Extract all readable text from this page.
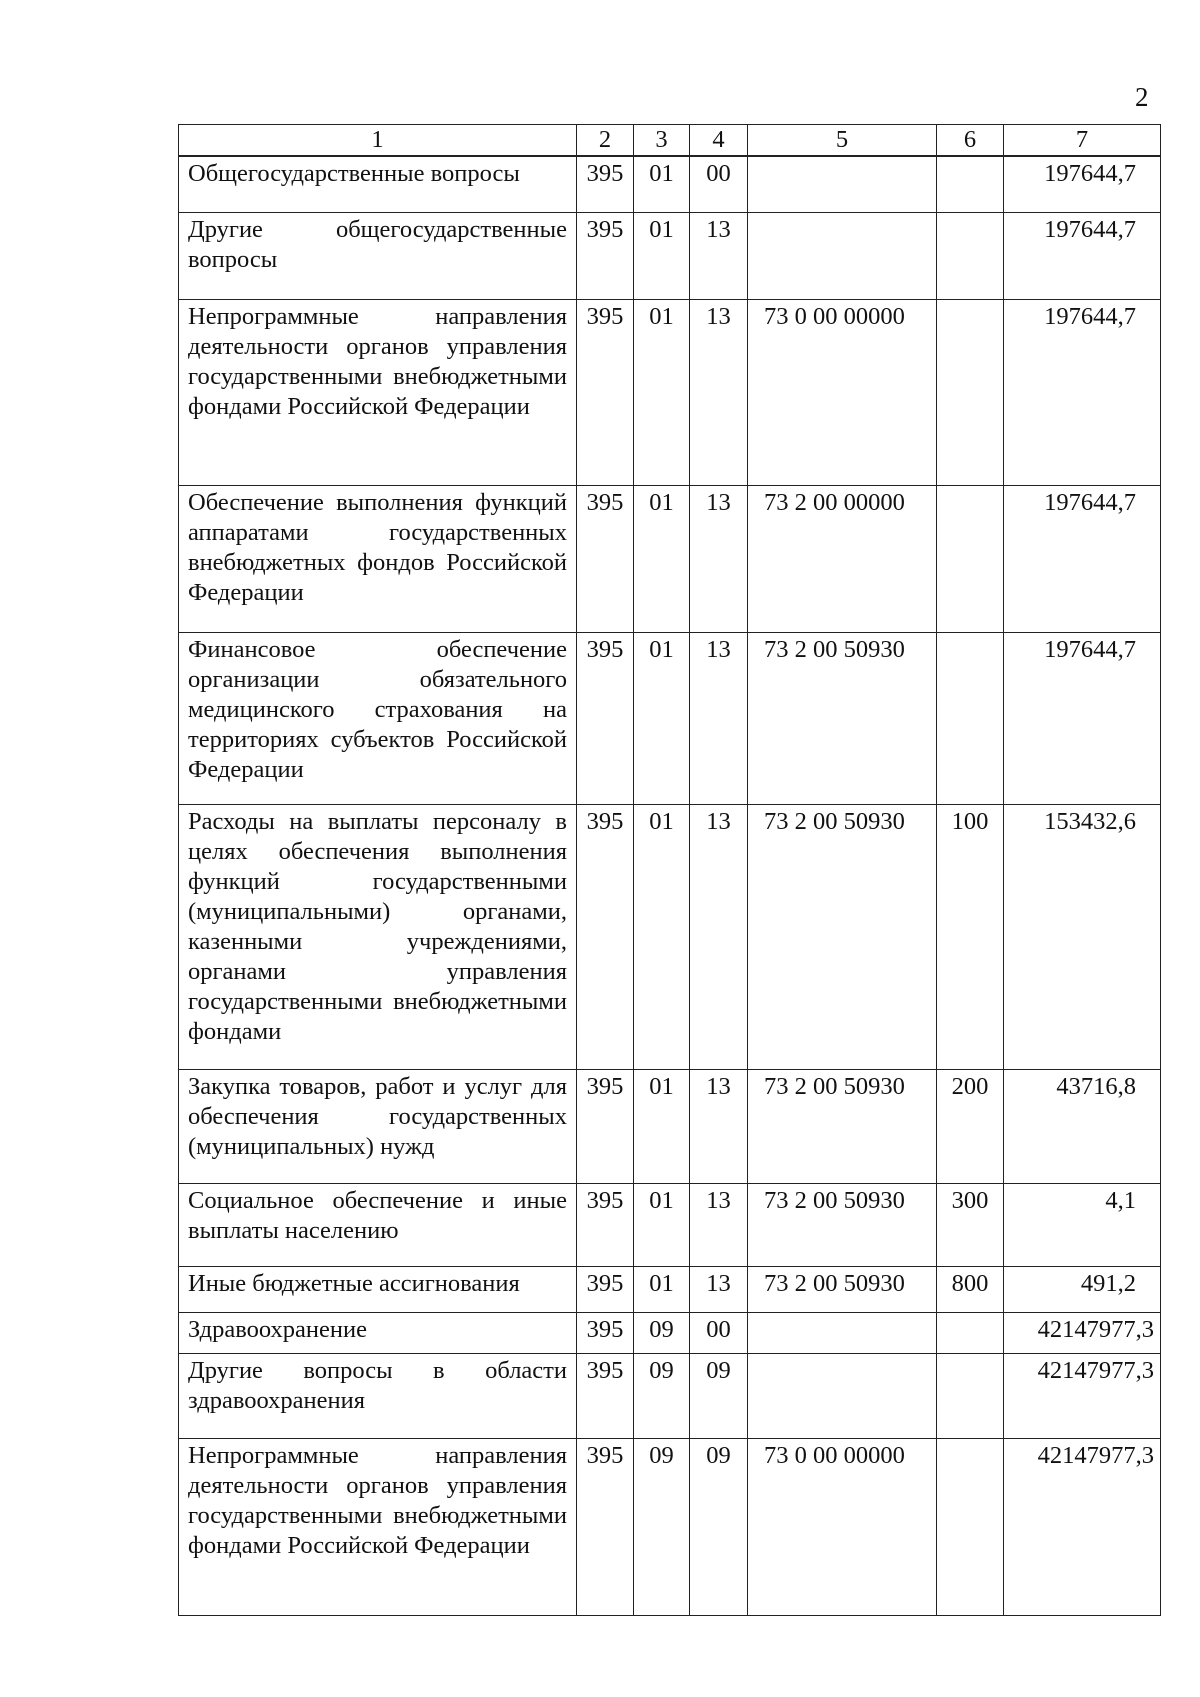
2
1	2	3	4	5	6	7
Общегосударственные вопросы	395	01	00			197644,7
Другие общегосударственные вопросы	395	01	13			197644,7
Непрограммные направления деятельности органов управления государственными внебюджетными фондами Российской Федерации	395	01	13	73 0 00 00000		197644,7
Обеспечение выполнения функций аппаратами государственных внебюджетных фондов Российской Федерации	395	01	13	73 2 00 00000		197644,7
Финансовое обеспечение организации обязательного медицинского страхования на территориях субъектов Российской Федерации	395	01	13	73 2 00 50930		197644,7
Расходы на выплаты персоналу в целях обеспечения выполнения функций государственными (муниципальными) органами, казенными учреждениями, органами управления государственными внебюджетными фондами	395	01	13	73 2 00 50930	100	153432,6
Закупка товаров, работ и услуг для обеспечения государственных (муниципальных) нужд	395	01	13	73 2 00 50930	200	43716,8
Социальное обеспечение и иные выплаты населению	395	01	13	73 2 00 50930	300	4,1
Иные бюджетные ассигнования	395	01	13	73 2 00 50930	800	491,2
Здравоохранение	395	09	00			42147977,3
Другие вопросы в области здравоохранения	395	09	09			42147977,3
Непрограммные направления деятельности органов управления государственными внебюджетными фондами Российской Федерации	395	09	09	73 0 00 00000		42147977,3
